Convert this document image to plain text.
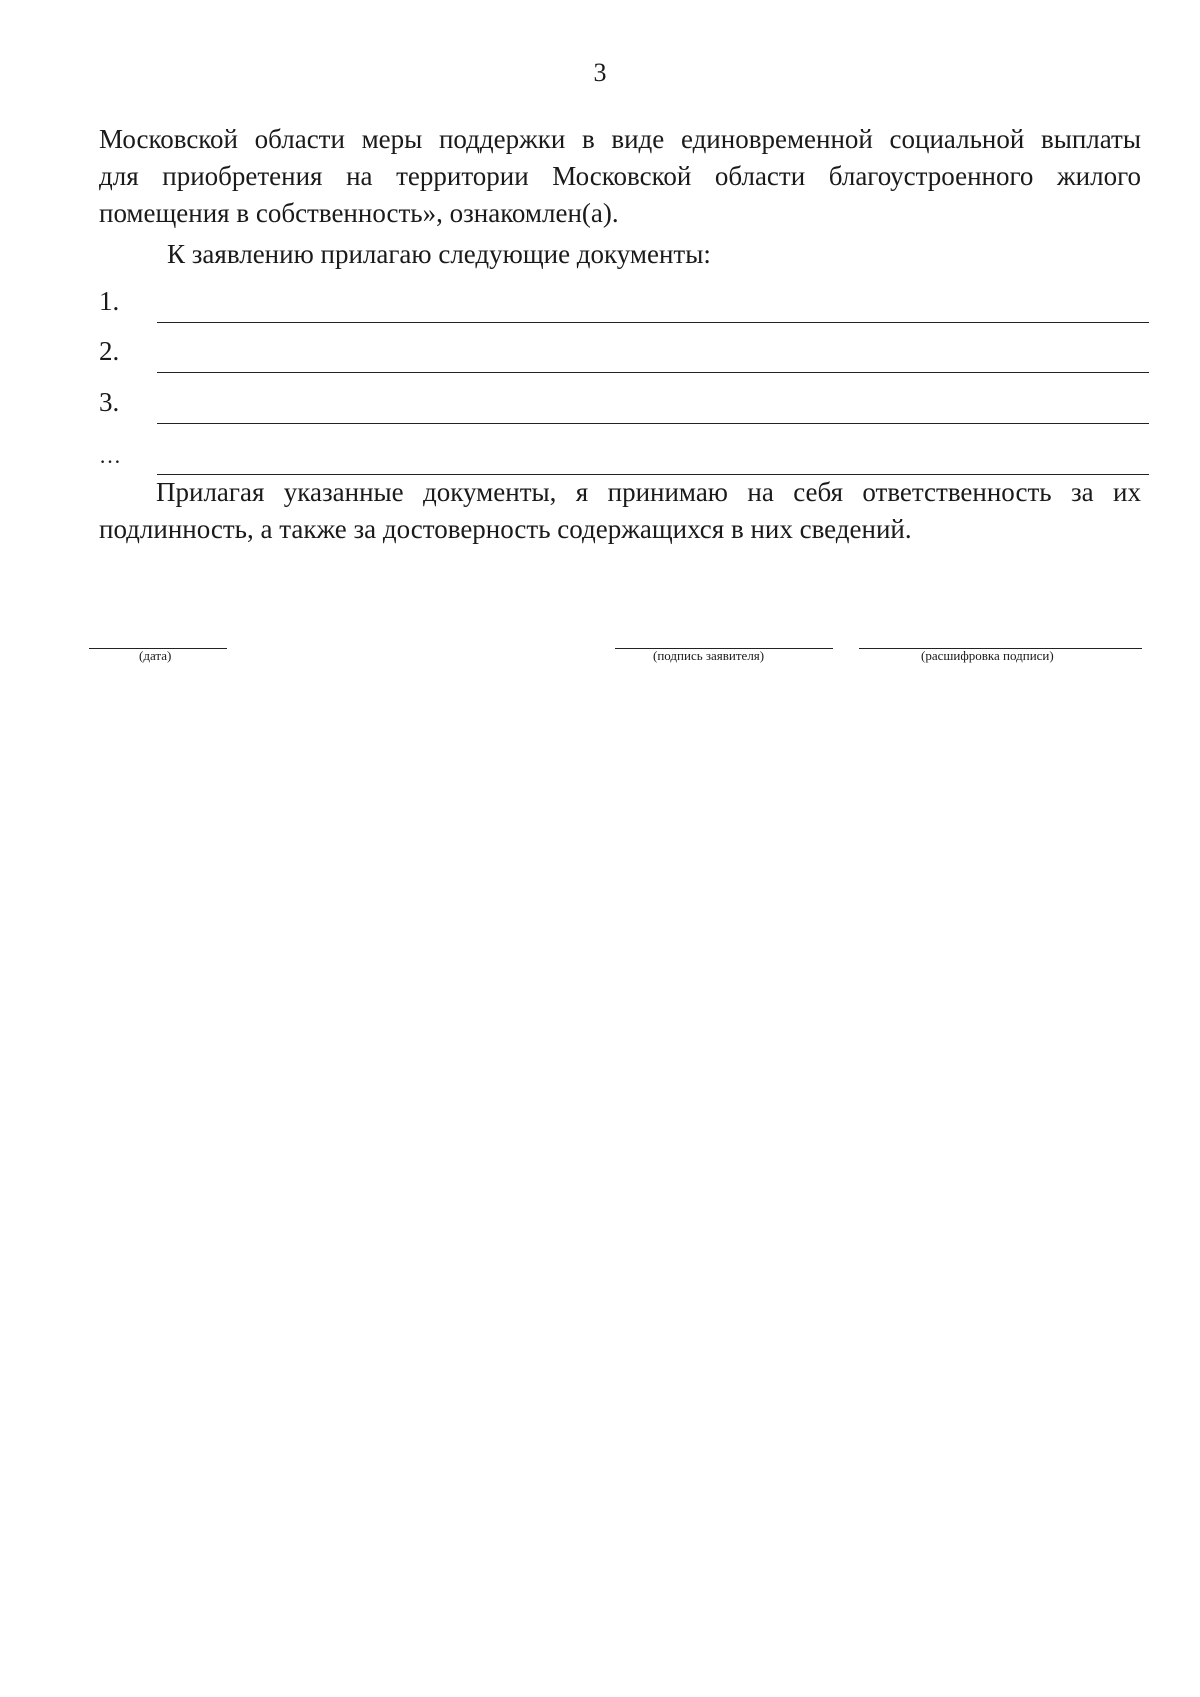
3
Московской области меры поддержки в виде единовременной социальной выплаты
для приобретения на территории Московской области благоустроенного жилого
помещения в собственность», ознакомлен(а).
К заявлению прилагаю следующие документы:
1.
2.
3.
…
Прилагая указанные документы, я принимаю на себя ответственность за их
подлинность, а также за достоверность содержащихся в них сведений.
(дата)	(подпись заявителя)	(расшифровка подписи)
